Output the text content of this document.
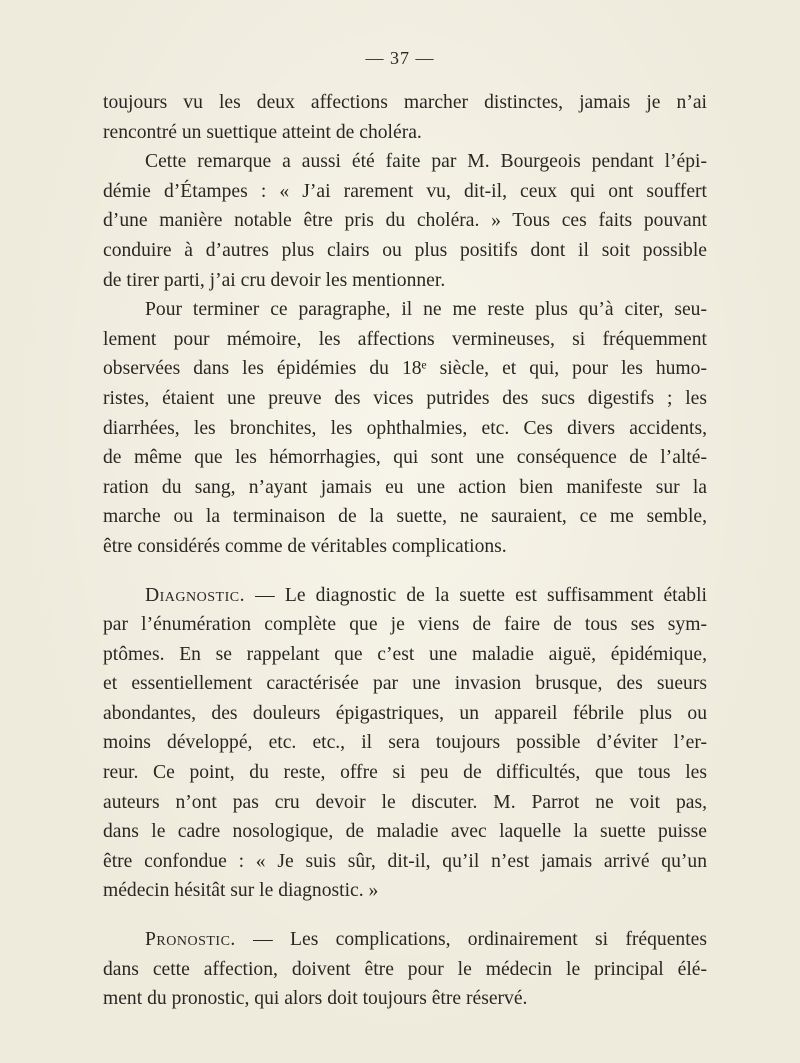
— 37 —
toujours vu les deux affections marcher distinctes, jamais je n’ai
rencontré un suettique atteint de choléra.
Cette remarque a aussi été faite par M. Bourgeois pendant l’épi-
démie d’Étampes : « J’ai rarement vu, dit-il, ceux qui ont souffert
d’une manière notable être pris du choléra. » Tous ces faits pouvant
conduire à d’autres plus clairs ou plus positifs dont il soit possible
de tirer parti, j’ai cru devoir les mentionner.
Pour terminer ce paragraphe, il ne me reste plus qu’à citer, seu-
lement pour mémoire, les affections vermineuses, si fréquemment
observées dans les épidémies du 18ᵉ siècle, et qui, pour les humo-
ristes, étaient une preuve des vices putrides des sucs digestifs ; les
diarrhées, les bronchites, les ophthalmies, etc. Ces divers accidents,
de même que les hémorrhagies, qui sont une conséquence de l’alté-
ration du sang, n’ayant jamais eu une action bien manifeste sur la
marche ou la terminaison de la suette, ne sauraient, ce me semble,
être considérés comme de véritables complications.
Diagnostic. — Le diagnostic de la suette est suffisamment établi
par l’énumération complète que je viens de faire de tous ses sym-
ptômes. En se rappelant que c’est une maladie aiguë, épidémique,
et essentiellement caractérisée par une invasion brusque, des sueurs
abondantes, des douleurs épigastriques, un appareil fébrile plus ou
moins développé, etc. etc., il sera toujours possible d’éviter l’er-
reur. Ce point, du reste, offre si peu de difficultés, que tous les
auteurs n’ont pas cru devoir le discuter. M. Parrot ne voit pas,
dans le cadre nosologique, de maladie avec laquelle la suette puisse
être confondue : « Je suis sûr, dit-il, qu’il n’est jamais arrivé qu’un
médecin hésitât sur le diagnostic. »
Pronostic. — Les complications, ordinairement si fréquentes
dans cette affection, doivent être pour le médecin le principal élé-
ment du pronostic, qui alors doit toujours être réservé.
